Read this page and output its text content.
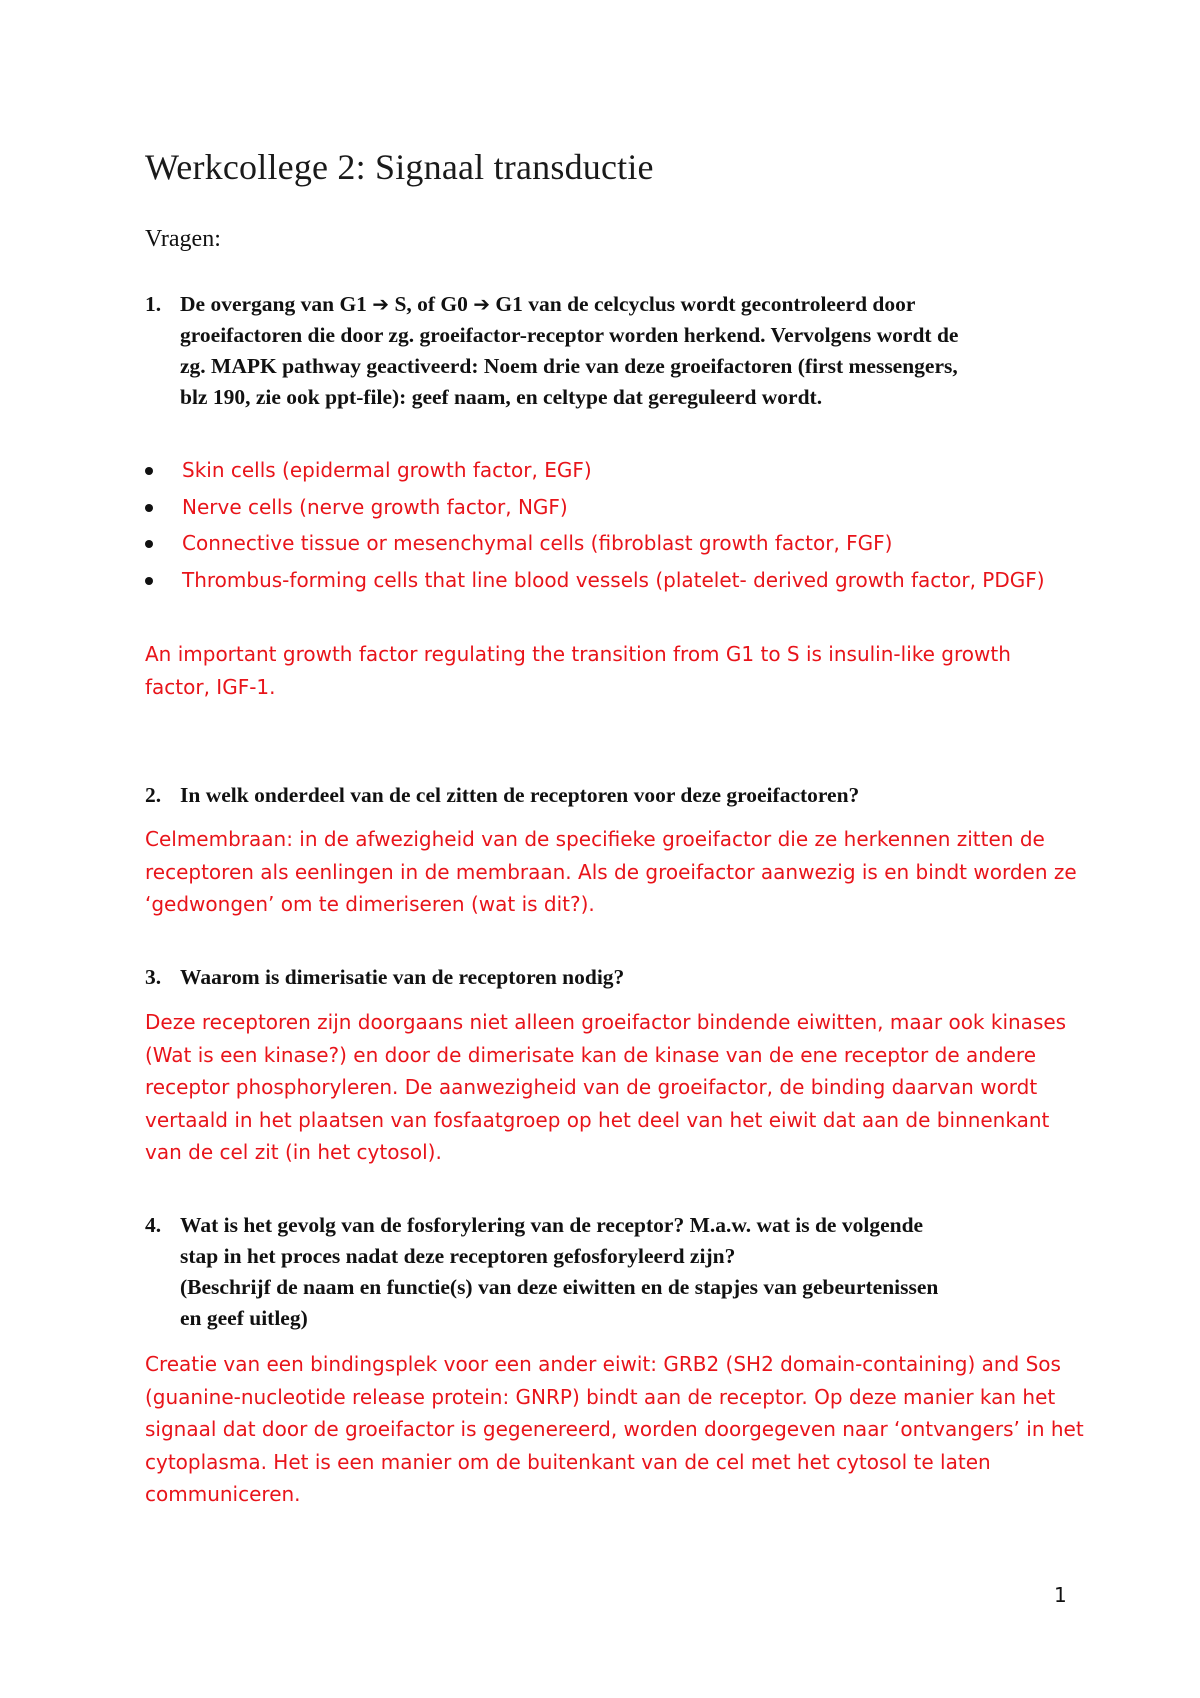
Werkcollege 2: Signaal transductie
Vragen:
1. De overgang van G1 ➔ S, of G0 ➔ G1 van de celcyclus wordt gecontroleerd door
groeifactoren die door zg. groeifactor-receptor worden herkend. Vervolgens wordt de
zg. MAPK pathway geactiveerd: Noem drie van deze groeifactoren (first messengers,
blz 190, zie ook ppt-file): geef naam, en celtype dat gereguleerd wordt.
Skin cells (epidermal growth factor, EGF)
Nerve cells (nerve growth factor, NGF)
Connective tissue or mesenchymal cells (fibroblast growth factor, FGF)
Thrombus-forming cells that line blood vessels (platelet- derived growth factor, PDGF)
An important growth factor regulating the transition from G1 to S is insulin-like growth
factor, IGF-1.
2. In welk onderdeel van de cel zitten de receptoren voor deze groeifactoren?
Celmembraan: in de afwezigheid van de specifieke groeifactor die ze herkennen zitten de
receptoren als eenlingen in de membraan. Als de groeifactor aanwezig is en bindt worden ze
‘gedwongen’ om te dimeriseren (wat is dit?).
3. Waarom is dimerisatie van de receptoren nodig?
Deze receptoren zijn doorgaans niet alleen groeifactor bindende eiwitten, maar ook kinases
(Wat is een kinase?) en door de dimerisate kan de kinase van de ene receptor de andere
receptor phosphoryleren. De aanwezigheid van de groeifactor, de binding daarvan wordt
vertaald in het plaatsen van fosfaatgroep op het deel van het eiwit dat aan de binnenkant
van de cel zit (in het cytosol).
4. Wat is het gevolg van de fosforylering van de receptor? M.a.w. wat is de volgende
stap in het proces nadat deze receptoren gefosforyleerd zijn?
(Beschrijf de naam en functie(s) van deze eiwitten en de stapjes van gebeurtenissen
en geef uitleg)
Creatie van een bindingsplek voor een ander eiwit: GRB2 (SH2 domain-containing) and Sos
(guanine-nucleotide release protein: GNRP) bindt aan de receptor. Op deze manier kan het
signaal dat door de groeifactor is gegenereerd, worden doorgegeven naar ‘ontvangers’ in het
cytoplasma. Het is een manier om de buitenkant van de cel met het cytosol te laten
communiceren.
1
